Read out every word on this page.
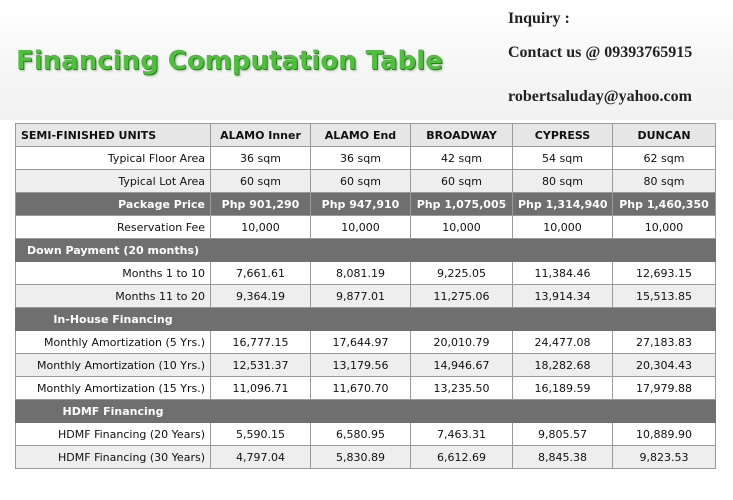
Financing Computation Table
Inquiry :
Contact us @ 09393765915
robertsaluday@yahoo.com
SEMI-FINISHED UNITS	ALAMO Inner	ALAMO End	BROADWAY	CYPRESS	DUNCAN
Typical Floor Area	36 sqm	36 sqm	42 sqm	54 sqm	62 sqm
Typical Lot Area	60 sqm	60 sqm	60 sqm	80 sqm	80 sqm
Package Price	Php 901,290	Php 947,910	Php 1,075,005	Php 1,314,940	Php 1,460,350
Reservation Fee	10,000	10,000	10,000	10,000	10,000
Down Payment (20 months)					
Months 1 to 10	7,661.61	8,081.19	9,225.05	11,384.46	12,693.15
Months 11 to 20	9,364.19	9,877.01	11,275.06	13,914.34	15,513.85
In-House Financing					
Monthly Amortization (5 Yrs.)	16,777.15	17,644.97	20,010.79	24,477.08	27,183.83
Monthly Amortization (10 Yrs.)	12,531.37	13,179.56	14,946.67	18,282.68	20,304.43
Monthly Amortization (15 Yrs.)	11,096.71	11,670.70	13,235.50	16,189.59	17,979.88
HDMF Financing					
HDMF Financing (20 Years)	5,590.15	6,580.95	7,463.31	9,805.57	10,889.90
HDMF Financing (30 Years)	4,797.04	5,830.89	6,612.69	8,845.38	9,823.53
